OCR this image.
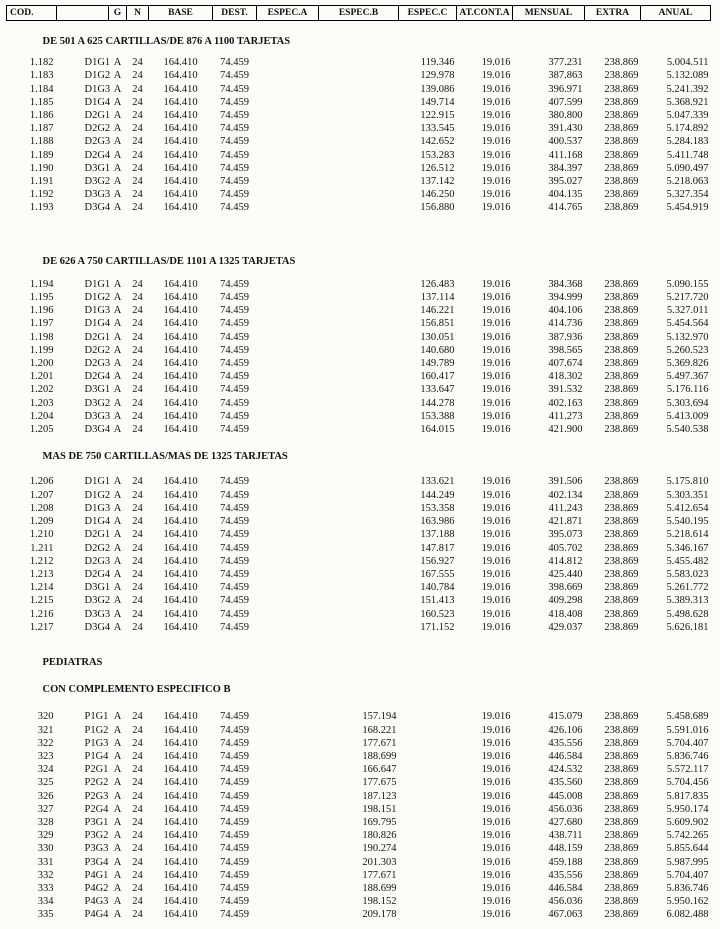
COD.		G	N	BASE	DEST.	ESPEC.A	ESPEC.B	ESPEC.C	AT.CONT.A	MENSUAL	EXTRA	ANUAL

DE 501 A 625 CARTILLAS/DE 876 A 1100 TARJETAS												

1.182	D1G1	A	24	164.410	74.459			119.346	19.016	377.231	238.869	5.004.511
1.183	D1G2	A	24	164.410	74.459			129.978	19.016	387.863	238.869	5.132.089
1.184	D1G3	A	24	164.410	74.459			139.086	19.016	396.971	238.869	5.241.392
1.185	D1G4	A	24	164.410	74.459			149.714	19.016	407.599	238.869	5.368.921
1.186	D2G1	A	24	164.410	74.459			122.915	19.016	380.800	238.869	5.047.339
1.187	D2G2	A	24	164.410	74.459			133.545	19.016	391.430	238.869	5.174.892
1.188	D2G3	A	24	164.410	74.459			142.652	19.016	400.537	238.869	5.284.183
1.189	D2G4	A	24	164.410	74.459			153.283	19.016	411.168	238.869	5.411.748
1.190	D3G1	A	24	164.410	74.459			126.512	19.016	384.397	238.869	5.090.497
1.191	D3G2	A	24	164.410	74.459			137.142	19.016	395.027	238.869	5.218.063
1.192	D3G3	A	24	164.410	74.459			146.250	19.016	404.135	238.869	5.327.354
1.193	D3G4	A	24	164.410	74.459			156.880	19.016	414.765	238.869	5.454.919

DE 626 A 750 CARTILLAS/DE 1101 A 1325 TARJETAS												

1.194	D1G1	A	24	164.410	74.459			126.483	19.016	384.368	238.869	5.090.155
1.195	D1G2	A	24	164.410	74.459			137.114	19.016	394.999	238.869	5.217.720
1.196	D1G3	A	24	164.410	74.459			146.221	19.016	404.106	238.869	5.327.011
1.197	D1G4	A	24	164.410	74.459			156.851	19.016	414.736	238.869	5.454.564
1.198	D2G1	A	24	164.410	74.459			130.051	19.016	387.936	238.869	5.132.970
1.199	D2G2	A	24	164.410	74.459			140.680	19.016	398.565	238.869	5.260.523
1.200	D2G3	A	24	164.410	74.459			149.789	19.016	407.674	238.869	5.369.826
1.201	D2G4	A	24	164.410	74.459			160.417	19.016	418.302	238.869	5.497.367
1.202	D3G1	A	24	164.410	74.459			133.647	19.016	391.532	238.869	5.176.116
1.203	D3G2	A	24	164.410	74.459			144.278	19.016	402.163	238.869	5.303.694
1.204	D3G3	A	24	164.410	74.459			153.388	19.016	411.273	238.869	5.413.009
1.205	D3G4	A	24	164.410	74.459			164.015	19.016	421.900	238.869	5.540.538

MAS DE 750 CARTILLAS/MAS DE 1325 TARJETAS												

1.206	D1G1	A	24	164.410	74.459			133.621	19.016	391.506	238.869	5.175.810
1.207	D1G2	A	24	164.410	74.459			144.249	19.016	402.134	238.869	5.303.351
1.208	D1G3	A	24	164.410	74.459			153.358	19.016	411.243	238.869	5.412.654
1.209	D1G4	A	24	164.410	74.459			163.986	19.016	421.871	238.869	5.540.195
1.210	D2G1	A	24	164.410	74.459			137.188	19.016	395.073	238.869	5.218.614
1.211	D2G2	A	24	164.410	74.459			147.817	19.016	405.702	238.869	5.346.167
1.212	D2G3	A	24	164.410	74.459			156.927	19.016	414.812	238.869	5.455.482
1.213	D2G4	A	24	164.410	74.459			167.555	19.016	425.440	238.869	5.583.023
1.214	D3G1	A	24	164.410	74.459			140.784	19.016	398.669	238.869	5.261.772
1.215	D3G2	A	24	164.410	74.459			151.413	19.016	409.298	238.869	5.389.313
1.216	D3G3	A	24	164.410	74.459			160.523	19.016	418.408	238.869	5.498.628
1.217	D3G4	A	24	164.410	74.459			171.152	19.016	429.037	238.869	5.626.181

PEDIATRAS												

CON COMPLEMENTO ESPECIFICO B												

320	P1G1	A	24	164.410	74.459		157.194		19.016	415.079	238.869	5.458.689
321	P1G2	A	24	164.410	74.459		168.221		19.016	426.106	238.869	5.591.016
322	P1G3	A	24	164.410	74.459		177.671		19.016	435.556	238.869	5.704.407
323	P1G4	A	24	164.410	74.459		188.699		19.016	446.584	238.869	5.836.746
324	P2G1	A	24	164.410	74.459		166.647		19.016	424.532	238.869	5.572.117
325	P2G2	A	24	164.410	74.459		177.675		19.016	435.560	238.869	5.704.456
326	P2G3	A	24	164.410	74.459		187.123		19.016	445.008	238.869	5.817.835
327	P2G4	A	24	164.410	74.459		198.151		19.016	456.036	238.869	5.950.174
328	P3G1	A	24	164.410	74.459		169.795		19.016	427.680	238.869	5.609.902
329	P3G2	A	24	164.410	74.459		180.826		19.016	438.711	238.869	5.742.265
330	P3G3	A	24	164.410	74.459		190.274		19.016	448.159	238.869	5.855.644
331	P3G4	A	24	164.410	74.459		201.303		19.016	459.188	238.869	5.987.995
332	P4G1	A	24	164.410	74.459		177.671		19.016	435.556	238.869	5.704.407
333	P4G2	A	24	164.410	74.459		188.699		19.016	446.584	238.869	5.836.746
334	P4G3	A	24	164.410	74.459		198.152		19.016	456.036	238.869	5.950.162
335	P4G4	A	24	164.410	74.459		209.178		19.016	467.063	238.869	6.082.488
